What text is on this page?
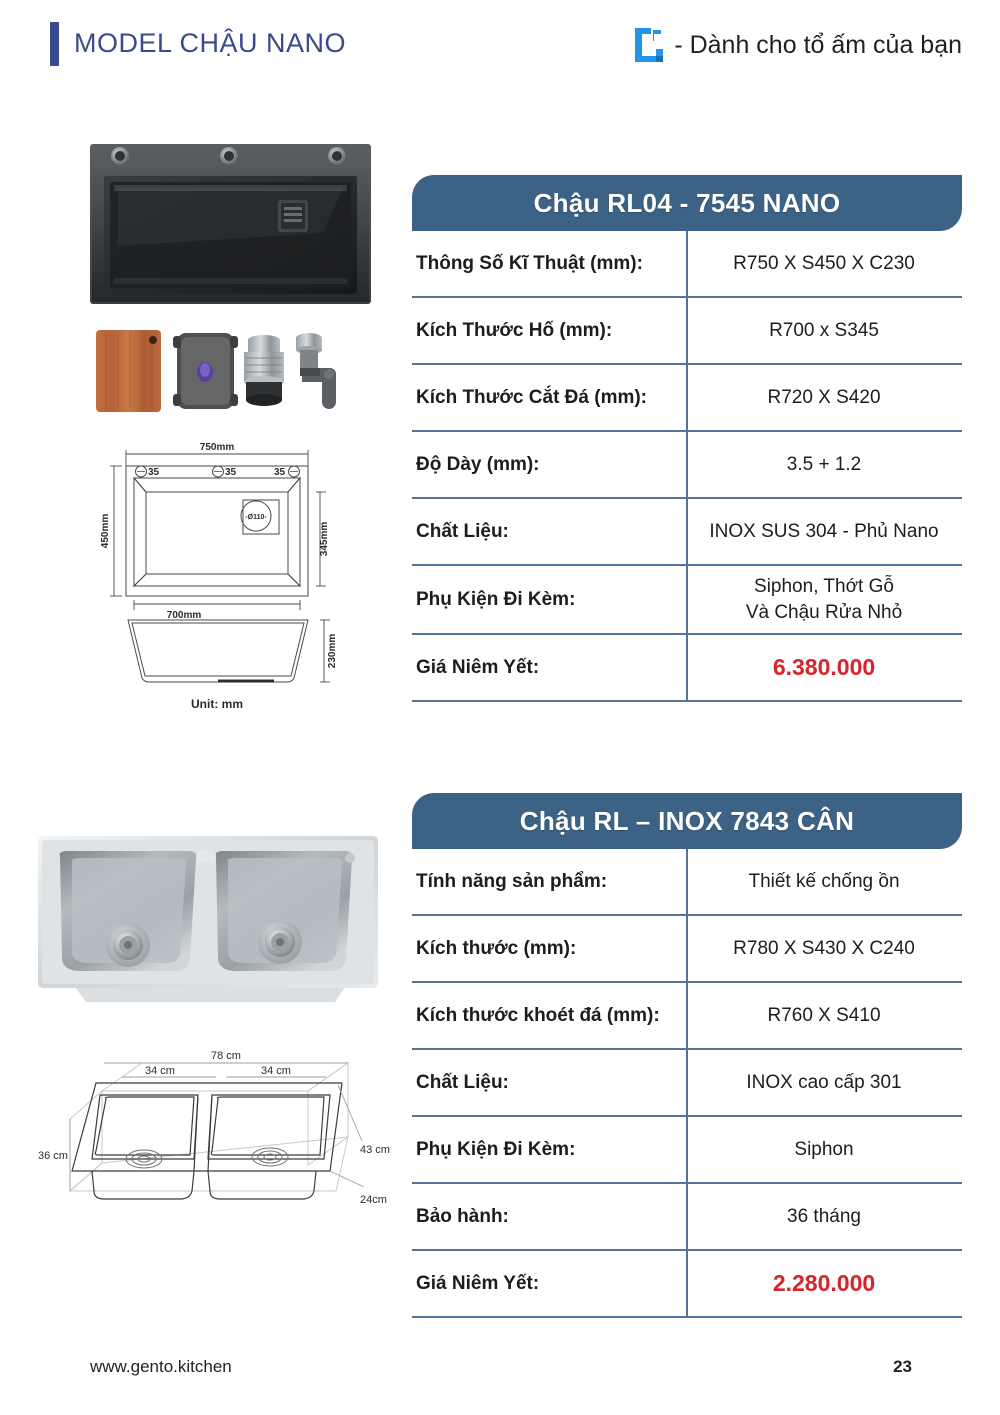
MODEL CHẬU NANO	- Dành cho tổ ấm của bạn
750mm
700mm
35	35	35
-Ø110-
450mm	345mm
230mm
Unit: mm
Chậu RL04 - 7545 NANO
Thông Số Kĩ Thuật (mm):	R750 X S450 X C230
Kích Thước Hố (mm):	R700 x S345
Kích Thước Cắt Đá (mm):	R720 X S420
Độ Dày (mm):	3.5 + 1.2
Chất Liệu:	INOX SUS 304 - Phủ Nano
Phụ Kiện Đi Kèm:
Siphon, Thớt Gỗ
Và Chậu Rửa Nhỏ
Giá Niêm Yết:	6.380.000
78 cm
34 cm	34 cm
36 cm	43 cm
24cm
Chậu RL – INOX 7843 CÂN
Tính năng sản phẩm:	Thiết kế chống ồn
Kích thước (mm):	R780 X S430 X C240
Kích thước khoét đá (mm):	R760 X S410
Chất Liệu:	INOX cao cấp 301
Phụ Kiện Đi Kèm:	Siphon
Bảo hành:	36 tháng
Giá Niêm Yết:	2.280.000
www.gento.kitchen	23
